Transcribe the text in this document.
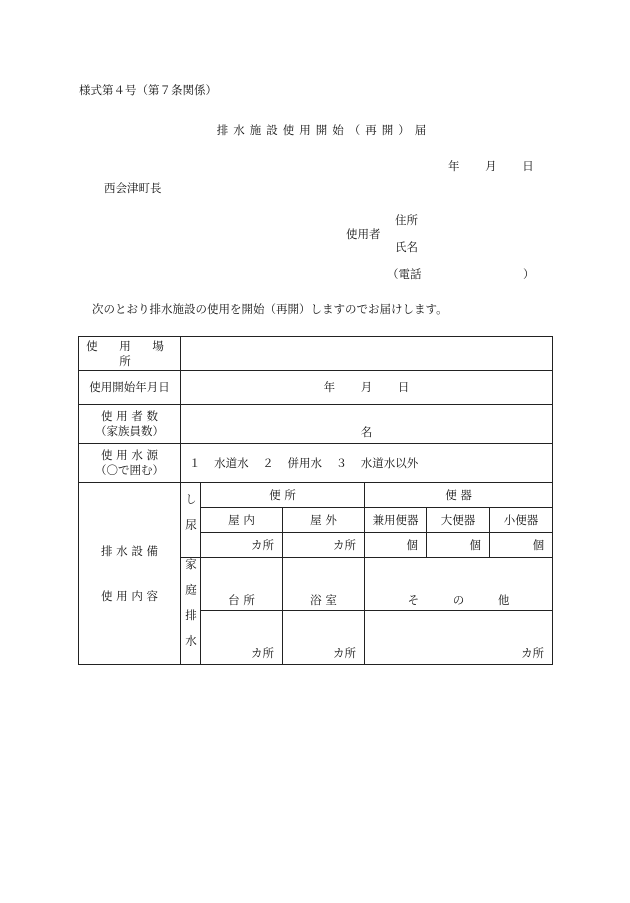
様式第４号（第７条関係）
排水施設使用開始（再開）届
年 月 日
西会津町長
住所
使用者
氏名
（電話	）
次のとおり排水施設の使用を開始（再開）しますのでお届けします。
使 用 場 所						
使用開始年月日	年 月 日					

使 用 者 数
（家族員数）	名					

使 用 水 源
（〇で囲む）	１ 水道水 ２ 併用水 ３ 水道水以外					

排 水 設 備
使 用 内 容	し尿	便 所		便 器		
		屋 内	屋 外	兼用便器	大便器	小便器
		カ所	カ所	個	個	個
	家庭排水	台 所	浴 室	そ の 他		
		カ所	カ所	カ所		
